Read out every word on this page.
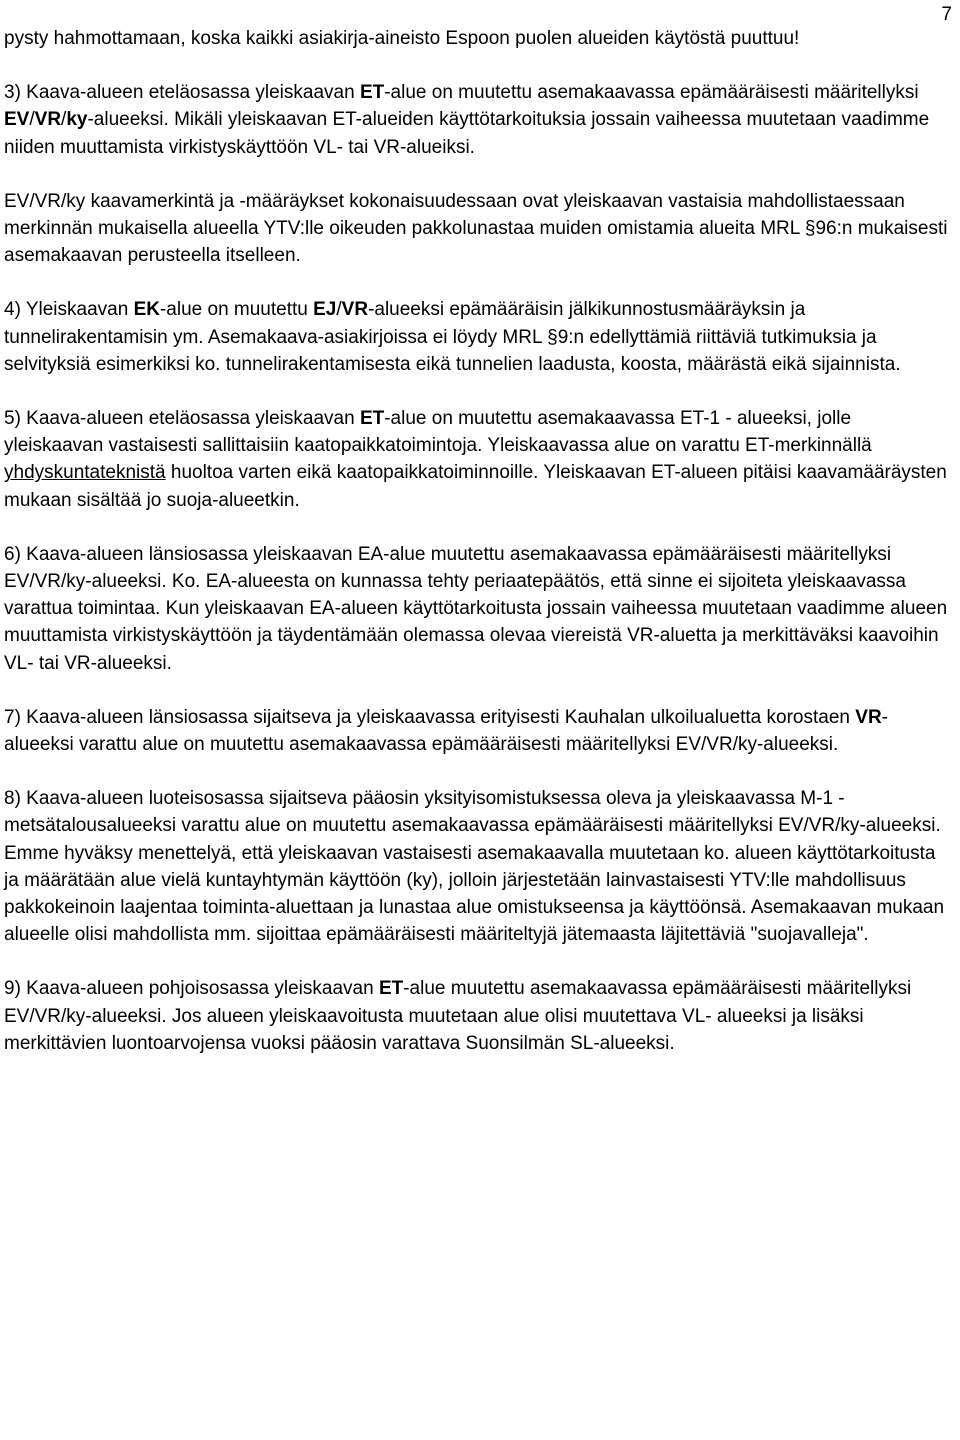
7

pysty hahmottamaan, koska kaikki asiakirja-aineisto Espoon puolen alueiden käytöstä puuttuu!

3) Kaava-alueen eteläosassa yleiskaavan ET-alue on muutettu asemakaavassa epämääräisesti määritellyksi EV/VR/ky-alueeksi. Mikäli yleiskaavan ET-alueiden käyttötarkoituksia jossain vaiheessa muutetaan vaadimme niiden muuttamista virkistyskäyttöön VL- tai VR-alueiksi.

EV/VR/ky kaavamerkintä ja -määräykset kokonaisuudessaan ovat yleiskaavan vastaisia mahdollistaessaan merkinnän mukaisella alueella YTV:lle oikeuden pakkolunastaa muiden omistamia alueita MRL §96:n mukaisesti asemakaavan perusteella itselleen.

4) Yleiskaavan EK-alue on muutettu EJ/VR-alueeksi epämääräisin jälkikunnostusmääräyksin ja tunnelirakentamisin ym. Asemakaava-asiakirjoissa ei löydy MRL §9:n edellyttämiä riittäviä tutkimuksia ja selvityksiä esimerkiksi ko. tunnelirakentamisesta eikä tunnelien laadusta, koosta, määrästä eikä sijainnista.

5) Kaava-alueen eteläosassa yleiskaavan ET-alue on muutettu asemakaavassa ET-1 - alueeksi, jolle yleiskaavan vastaisesti sallittaisiin kaatopaikkatoimintoja. Yleiskaavassa alue on varattu ET-merkinnällä yhdyskuntateknistä huoltoa varten eikä kaatopaikkatoiminnoille. Yleiskaavan ET-alueen pitäisi kaavamääräysten mukaan sisältää jo suoja-alueetkin.

6) Kaava-alueen länsiosassa yleiskaavan EA-alue muutettu asemakaavassa epämääräisesti määritellyksi EV/VR/ky-alueeksi. Ko. EA-alueesta on kunnassa tehty periaatepäätös, että sinne ei sijoiteta yleiskaavassa varattua toimintaa. Kun yleiskaavan EA-alueen käyttötarkoitusta jossain vaiheessa muutetaan vaadimme alueen muuttamista virkistyskäyttöön ja täydentämään olemassa olevaa viereistä VR-aluetta ja merkittäväksi kaavoihin VL- tai VR-alueeksi.

7) Kaava-alueen länsiosassa sijaitseva ja yleiskaavassa erityisesti Kauhalan ulkoilualuetta korostaen VR-alueeksi varattu alue on muutettu asemakaavassa epämääräisesti määritellyksi EV/VR/ky-alueeksi.

8) Kaava-alueen luoteisosassa sijaitseva pääosin yksityisomistuksessa oleva ja yleiskaavassa M-1 -metsätalousalueeksi varattu alue on muutettu asemakaavassa epämääräisesti määritellyksi EV/VR/ky-alueeksi. Emme hyväksy menettelyä, että yleiskaavan vastaisesti asemakaavalla muutetaan ko. alueen käyttötarkoitusta ja määrätään alue vielä kuntayhtymän käyttöön (ky), jolloin järjestetään lainvastaisesti YTV:lle mahdollisuus pakkokeinoin laajentaa toiminta-aluettaan ja lunastaa alue omistukseensa ja käyttöönsä. Asemakaavan mukaan alueelle olisi mahdollista mm. sijoittaa epämääräisesti määriteltyjä jätemaasta läjitettäviä "suojavalleja".

9) Kaava-alueen pohjoisosassa yleiskaavan ET-alue muutettu asemakaavassa epämääräisesti määritellyksi EV/VR/ky-alueeksi. Jos alueen yleiskaavoitusta muutetaan alue olisi muutettava VL- alueeksi ja lisäksi merkittävien luontoarvojensa vuoksi pääosin varattava Suonsilmän SL-alueeksi.
